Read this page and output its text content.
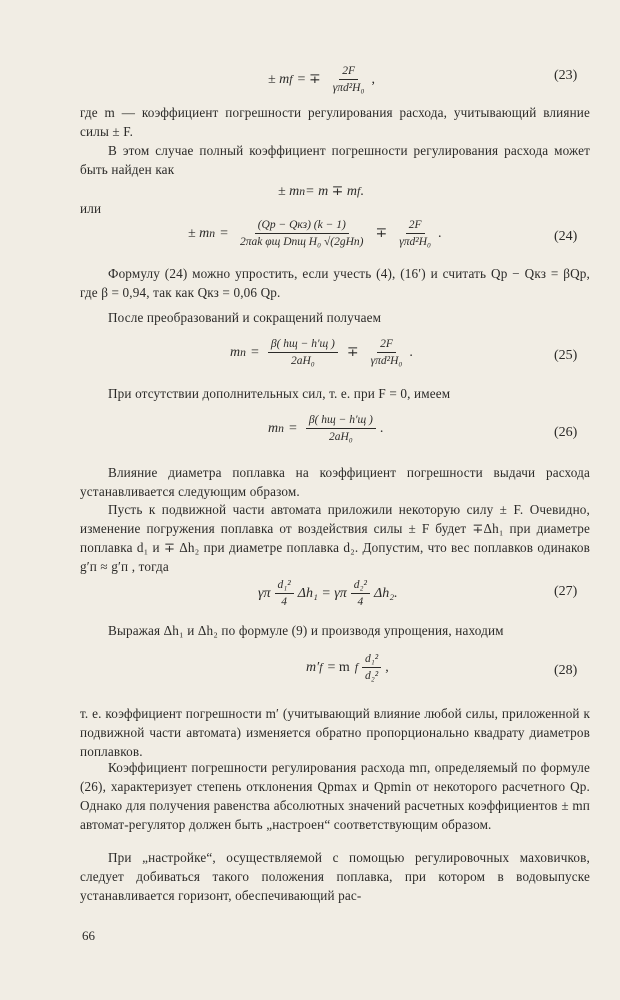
± m f = ∓ $\frac{2F}{\text{γπd²H₀}}$ ,	(23)
где m — коэффициент погрешности регулирования расхода, учитывающий влияние силы ± F.
В этом случае полный коэффициент погрешности регулирования расхода может быть найден как
± m п = m ∓ m f .
или
± m $п = \frac{\text{(Qр − Qкз) (k − 1)}}{\text{2πak φщ Dпщ H₀ √(2gHп)}} \mp \frac{2F}{\text{γπd²H₀}}$ .	(24)
Формулу (24) можно упростить, если учесть (4), (16′) и считать Qр − Qкз = βQр, где β = 0,94, так как Qкз = 0,06 Qр.
После преобразований и сокращений получаем
m $п = \frac{\beta( hщ - h'щ )}{\text{2aH₀}} \mp \frac{2F}{\text{γπd²H₀}}$ .	(25)
При отсутствии дополнительных сил, т. е. при F = 0, имеем
m $п = \frac{\beta( hщ - h'щ )}{\text{2aH₀}}$ .	(26)
Влияние диаметра поплавка на коэффициент погрешности выдачи расхода устанавливается следующим образом.
Пусть к подвижной части автомата приложили некоторую силу ± F. Очевидно, изменение погружения поплавка от воздействия силы ± F будет ∓Δh₁ при диаметре поплавка d₁ и ∓ Δh₂ при диаметре поплавка d₂. Допустим, что вес поплавков одинаков g′п ≈ g′п , тогда
γπ $\frac{\text{d₁²}}{4} \Delta h_1 = \gamma\pi \frac{\text{d₂²}}{4} \Delta h_2$.	(27)
Выражая Δh₁ и Δh₂ по формуле (9) и производя упрощения, находим
m′ f = m f $\frac{\text{d₁²}}{\text{d₂²}}$ ,	(28)
т. е. коэффициент погрешности m′ (учитывающий влияние любой силы, приложенной к подвижной части автомата) изменяется обратно пропорционально квадрату диаметров поплавков.
Коэффициент погрешности регулирования расхода mп, определяемый по формуле (26), характеризует степень отклонения Qрmax и Qрmin от некоторого расчетного Qр. Однако для получения равенства абсолютных значений расчетных коэффициентов ± mп автомат-регулятор должен быть „настроен“ соответствующим образом.
При „настройке“, осуществляемой с помощью регулировочных маховичков, следует добиваться такого положения поплавка, при котором в водовыпуске устанавливается горизонт, обеспечивающий рас-
66
